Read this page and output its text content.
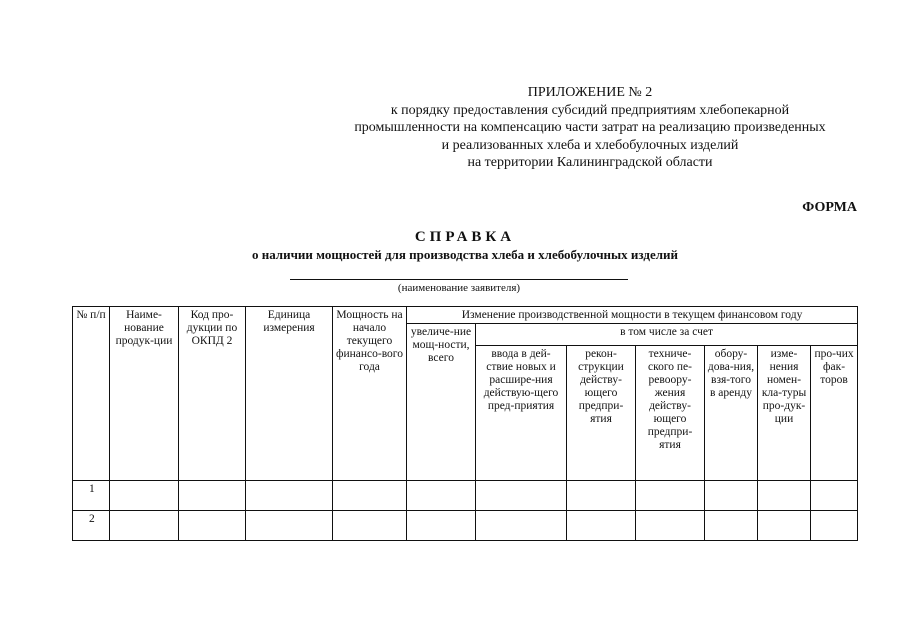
ПРИЛОЖЕНИЕ № 2
к порядку предоставления субсидий предприятиям хлебопекарной
промышленности на компенсацию части затрат на реализацию произведенных
и реализованных хлеба и хлебобулочных изделий
на территории Калининградской области
ФОРМА
СПРАВКА
о наличии мощностей для производства хлеба и хлебобулочных изделий
(наименование заявителя)
№ п/п	Наиме-нование продук-ции	Код про-дукции по ОКПД 2	Единица измерения	Мощность на начало текущего финансо-вого года	Изменение производственной мощности в текущем финансовом году						
					увеличе-ние мощ-ности, всего	в том числе за счет					
						ввода в дей-ствие новых и расшире-ния действую-щего пред-приятия	рекон-струкции действу-ющего предпри-ятия	техниче-ского пе-ревоору-жения действу-ющего предпри-ятия	обору-дова-ния, взя-того в аренду	изме-нения номен-кла-туры про-дук-ции	про-чих фак-торов
1											
2											
